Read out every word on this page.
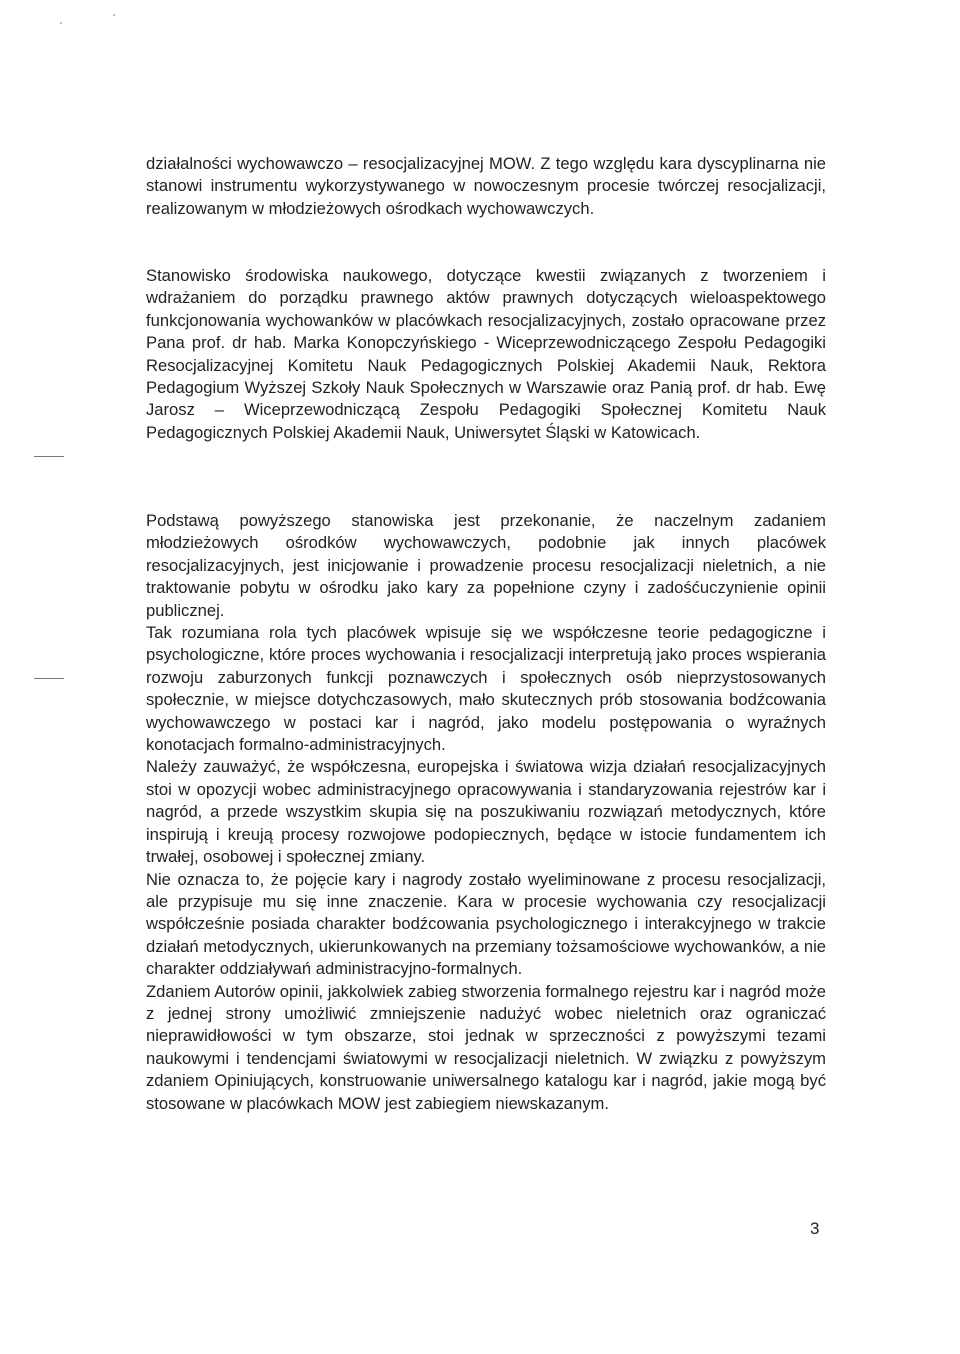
działalności wychowawczo – resocjalizacyjnej MOW. Z tego względu kara dyscyplinarna nie stanowi instrumentu wykorzystywanego w nowoczesnym procesie twórczej resocjalizacji, realizowanym w młodzieżowych ośrodkach wychowawczych.

Stanowisko środowiska naukowego, dotyczące kwestii związanych z tworzeniem i wdrażaniem do porządku prawnego aktów prawnych dotyczących wieloaspektowego funkcjonowania wychowanków w placówkach resocjalizacyjnych, zostało opracowane przez Pana prof. dr hab. Marka Konopczyńskiego - Wiceprzewodniczącego Zespołu Pedagogiki Resocjalizacyjnej Komitetu Nauk Pedagogicznych Polskiej Akademii Nauk, Rektora Pedagogium Wyższej Szkoły Nauk Społecznych w Warszawie oraz Panią prof. dr hab. Ewę Jarosz – Wiceprzewodniczącą Zespołu Pedagogiki Społecznej Komitetu Nauk Pedagogicznych Polskiej Akademii Nauk, Uniwersytet Śląski w Katowicach.

Podstawą powyższego stanowiska jest przekonanie, że naczelnym zadaniem młodzieżowych ośrodków wychowawczych, podobnie jak innych placówek resocjalizacyjnych, jest inicjowanie i prowadzenie procesu resocjalizacji nieletnich, a nie traktowanie pobytu w ośrodku jako kary za popełnione czyny i zadośćuczynienie opinii publicznej.

Tak rozumiana rola tych placówek wpisuje się we współczesne teorie pedagogiczne i psychologiczne, które proces wychowania i resocjalizacji interpretują jako proces wspierania rozwoju zaburzonych funkcji poznawczych i społecznych osób nieprzystosowanych społecznie, w miejsce dotychczasowych, mało skutecznych prób stosowania bodźcowania wychowawczego w postaci kar i nagród, jako modelu postępowania o wyraźnych konotacjach formalno-administracyjnych.

Należy zauważyć, że współczesna, europejska i światowa wizja działań resocjalizacyjnych stoi w opozycji wobec administracyjnego opracowywania i standaryzowania rejestrów kar i nagród, a przede wszystkim skupia się na poszukiwaniu rozwiązań metodycznych, które inspirują i kreują procesy rozwojowe podopiecznych, będące w istocie fundamentem ich trwałej, osobowej i społecznej zmiany.

Nie oznacza to, że pojęcie kary i nagrody zostało wyeliminowane z procesu resocjalizacji, ale przypisuje mu się inne znaczenie. Kara w procesie wychowania czy resocjalizacji współcześnie posiada charakter bodźcowania psychologicznego i interakcyjnego w trakcie działań metodycznych, ukierunkowanych na przemiany tożsamościowe wychowanków, a nie charakter oddziaływań administracyjno-formalnych.

Zdaniem Autorów opinii, jakkolwiek zabieg stworzenia formalnego rejestru kar i nagród może z jednej strony umożliwić zmniejszenie nadużyć wobec nieletnich oraz ograniczać nieprawidłowości w tym obszarze, stoi jednak w sprzeczności z powyższymi tezami naukowymi i tendencjami światowymi w resocjalizacji nieletnich. W związku z powyższym zdaniem Opiniujących, konstruowanie uniwersalnego katalogu kar i nagród, jakie mogą być stosowane w placówkach MOW jest zabiegiem niewskazanym.

3
